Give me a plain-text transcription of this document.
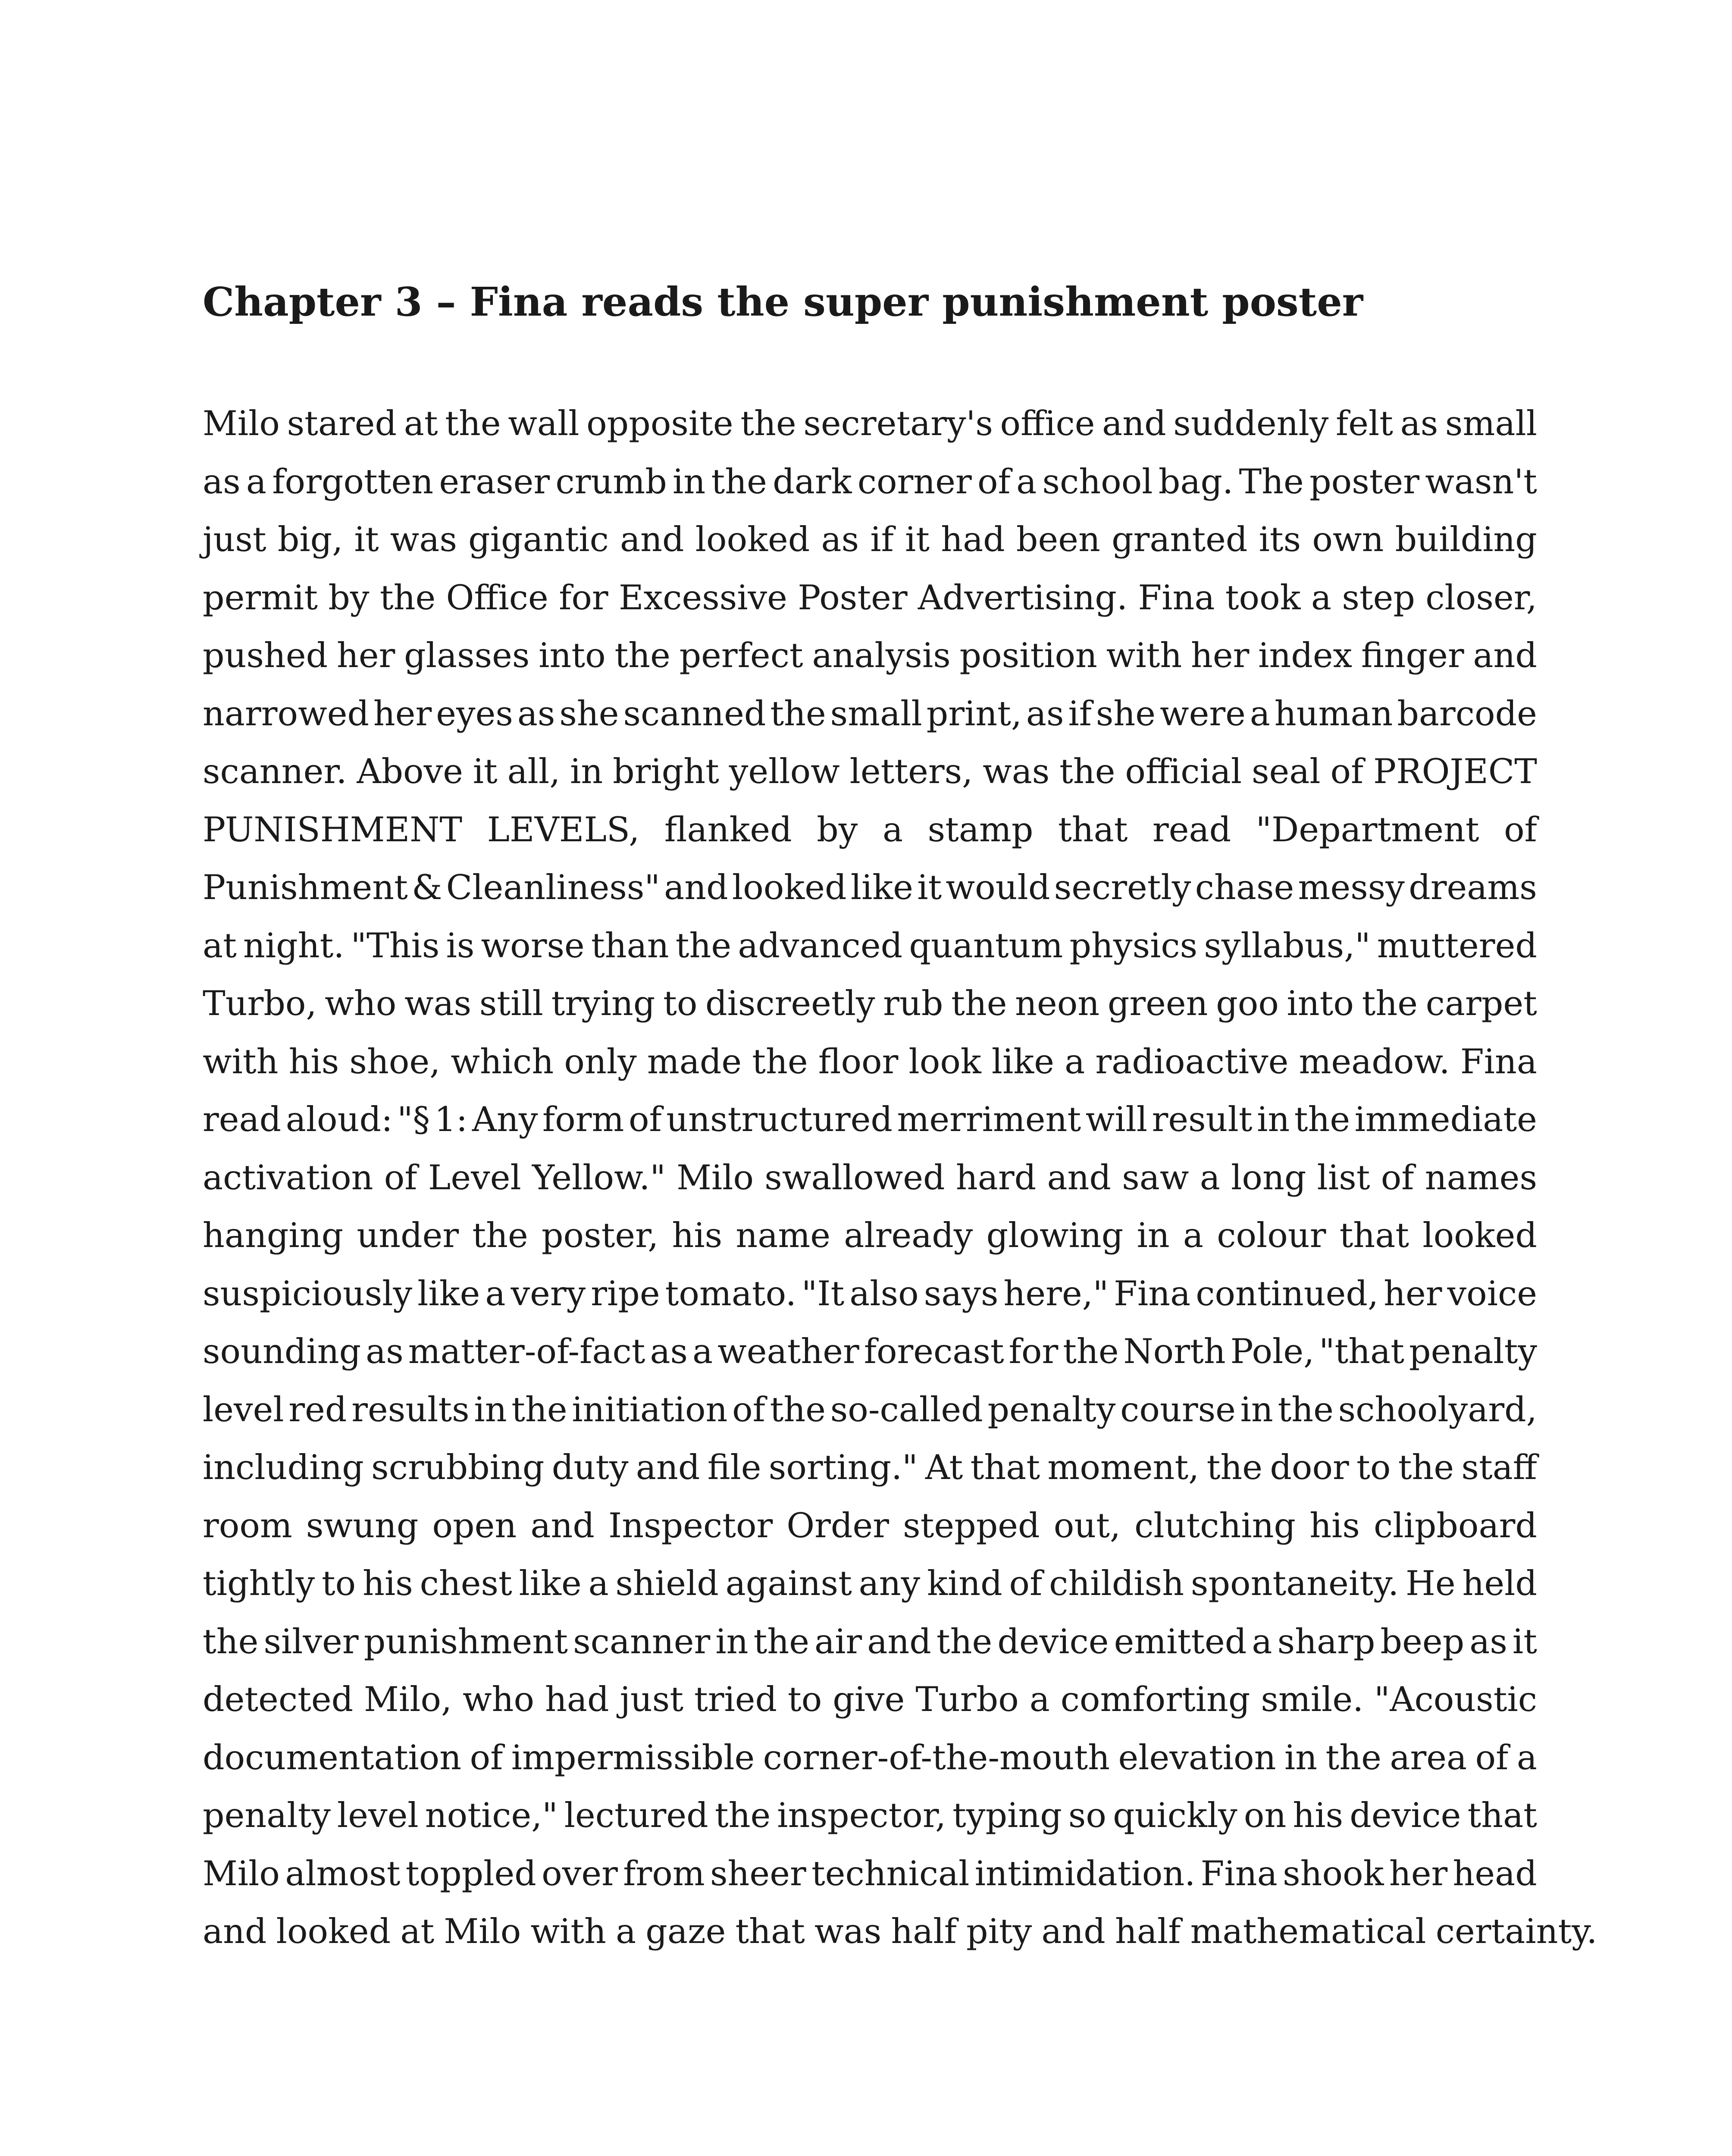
Chapter 3 – Fina reads the super punishment poster
Milo stared at the wall opposite the secretary's office and suddenly felt as small
as a forgotten eraser crumb in the dark corner of a school bag. The poster wasn't
just big, it was gigantic and looked as if it had been granted its own building
permit by the Office for Excessive Poster Advertising. Fina took a step closer,
pushed her glasses into the perfect analysis position with her index finger and
narrowed her eyes as she scanned the small print, as if she were a human barcode
scanner. Above it all, in bright yellow letters, was the official seal of PROJECT
PUNISHMENT LEVELS, flanked by a stamp that read "Department of
Punishment & Cleanliness" and looked like it would secretly chase messy dreams
at night. "This is worse than the advanced quantum physics syllabus," muttered
Turbo, who was still trying to discreetly rub the neon green goo into the carpet
with his shoe, which only made the floor look like a radioactive meadow. Fina
read aloud: "§ 1: Any form of unstructured merriment will result in the immediate
activation of Level Yellow." Milo swallowed hard and saw a long list of names
hanging under the poster, his name already glowing in a colour that looked
suspiciously like a very ripe tomato. "It also says here," Fina continued, her voice
sounding as matter-of-fact as a weather forecast for the North Pole, "that penalty
level red results in the initiation of the so-called penalty course in the schoolyard,
including scrubbing duty and file sorting." At that moment, the door to the staff
room swung open and Inspector Order stepped out, clutching his clipboard
tightly to his chest like a shield against any kind of childish spontaneity. He held
the silver punishment scanner in the air and the device emitted a sharp beep as it
detected Milo, who had just tried to give Turbo a comforting smile. "Acoustic
documentation of impermissible corner-of-the-mouth elevation in the area of a
penalty level notice," lectured the inspector, typing so quickly on his device that
Milo almost toppled over from sheer technical intimidation. Fina shook her head
and looked at Milo with a gaze that was half pity and half mathematical certainty.
